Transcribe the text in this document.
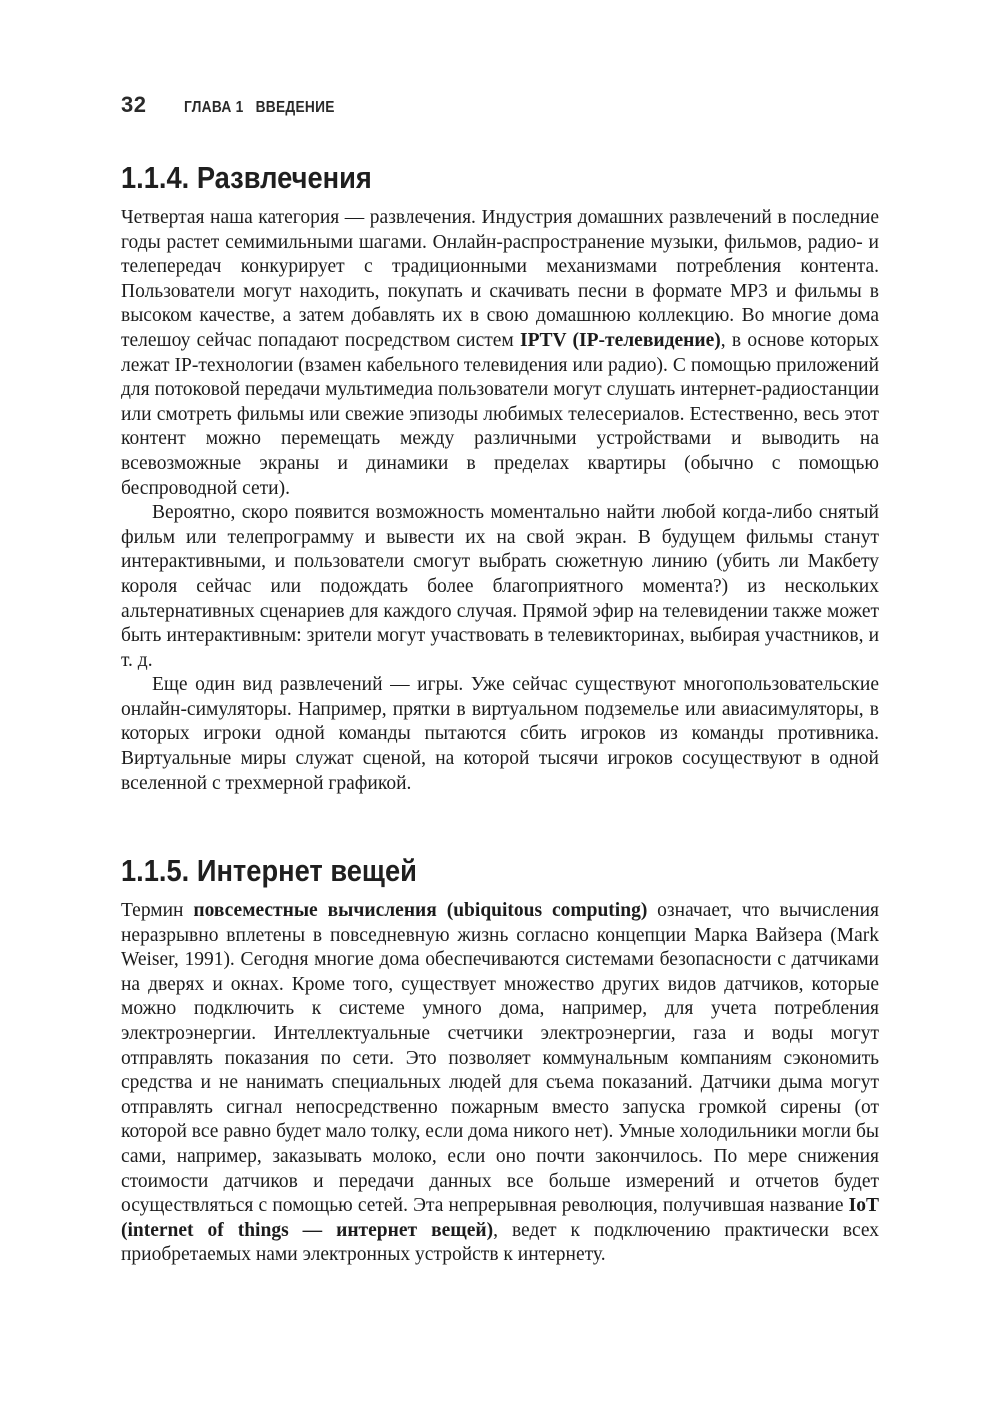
32 ГЛАВА 1 ВВЕДЕНИЕ
1.1.4. Развлечения

Четвертая наша категория — развлечения. Индустрия домашних развлечений в последние годы растет семимильными шагами. Онлайн-распространение музыки, фильмов, радио- и телепередач конкурирует с традиционными механизмами потребления контента. Пользователи могут находить, покупать и скачивать песни в формате MP3 и фильмы в высоком качестве, а затем добавлять их в свою домашнюю коллекцию. Во многие дома телешоу сейчас попадают посредством систем IPTV (IP-телевидение), в основе которых лежат IP-технологии (взамен кабельного телевидения или радио). С помощью приложений для потоковой передачи мультимедиа пользователи могут слушать интернет-радиостанции или смотреть фильмы или свежие эпизоды любимых телесериалов. Естественно, весь этот контент можно перемещать между различными устройствами и выводить на всевозможные экраны и динамики в пределах квартиры (обычно с помощью беспроводной сети).

Вероятно, скоро появится возможность моментально найти любой когда-либо снятый фильм или телепрограмму и вывести их на свой экран. В будущем фильмы станут интерактивными, и пользователи смогут выбрать сюжетную линию (убить ли Макбету короля сейчас или подождать более благоприятного момента?) из нескольких альтернативных сценариев для каждого случая. Прямой эфир на телевидении также может быть интерактивным: зрители могут участвовать в телевикторинах, выбирая участников, и т. д.

Еще один вид развлечений — игры. Уже сейчас существуют многопользовательские онлайн-симуляторы. Например, прятки в виртуальном подземелье или авиасимуляторы, в которых игроки одной команды пытаются сбить игроков из команды противника. Виртуальные миры служат сценой, на которой тысячи игроков сосуществуют в одной вселенной с трехмерной графикой.

1.1.5. Интернет вещей

Термин повсеместные вычисления (ubiquitous computing) означает, что вычисления неразрывно вплетены в повседневную жизнь согласно концепции Марка Вайзера (Mark Weiser, 1991). Сегодня многие дома обеспечиваются системами безопасности с датчиками на дверях и окнах. Кроме того, существует множество других видов датчиков, которые можно подключить к системе умного дома, например, для учета потребления электроэнергии. Интеллектуальные счетчики электроэнергии, газа и воды могут отправлять показания по сети. Это позволяет коммунальным компаниям сэкономить средства и не нанимать специальных людей для съема показаний. Датчики дыма могут отправлять сигнал непосредственно пожарным вместо запуска громкой сирены (от которой все равно будет мало толку, если дома никого нет). Умные холодильники могли бы сами, например, заказывать молоко, если оно почти закончилось. По мере снижения стоимости датчиков и передачи данных все больше измерений и отчетов будет осуществляться с помощью сетей. Эта непрерывная революция, получившая название IoT (internet of things — интернет вещей), ведет к подключению практически всех приобретаемых нами электронных устройств к интернету.
